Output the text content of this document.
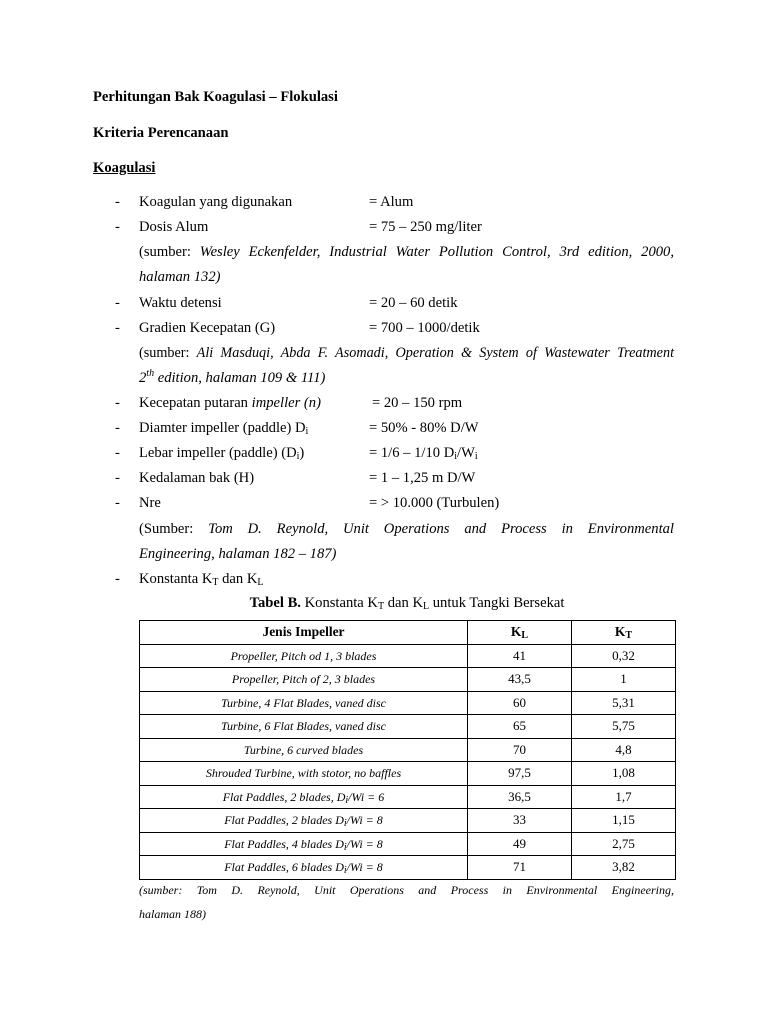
Perhitungan Bak Koagulasi – Flokulasi
Kriteria Perencanaan
Koagulasi
- Koagulan yang digunakan	= Alum
- Dosis Alum	= 75 – 250 mg/liter
(sumber: Wesley Eckenfelder, Industrial Water Pollution Control, 3rd edition, 2000,
halaman 132)
- Waktu detensi	= 20 – 60 detik
- Gradien Kecepatan (G)	= 700 – 1000/detik
(sumber: Ali Masduqi, Abda F. Asomadi, Operation & System of Wastewater Treatment
2th edition, halaman 109 & 111)
- Kecepatan putaran impeller (n)	= 20 – 150 rpm
- Diamter impeller (paddle) $D_i$	= 50% - 80% D/W
- Lebar impeller (paddle) $(D_i)$	= 1/6 – 1/10 $D_i/W_i$
- Kedalaman bak (H)	= 1 – 1,25 m D/W
- Nre	= > 10.000 (Turbulen)
(Sumber: Tom D. Reynold, Unit Operations and Process in Environmental
Engineering, halaman 182 – 187)
- Konstanta $K_T$ dan $K_L$
Tabel B. Konstanta $K_T$ dan $K_L$ untuk Tangki Bersekat
Jenis Impeller	$K_L$	$K_T$
Propeller, Pitch od 1, 3 blades	41	0,32
Propeller, Pitch of 2, 3 blades	43,5	1
Turbine, 4 Flat Blades, vaned disc	60	5,31
Turbine, 6 Flat Blades, vaned disc	65	5,75
Turbine, 6 curved blades	70	4,8
Shrouded Turbine, with stotor, no baffles	97,5	1,08
Flat Paddles, 2 blades, $D_i/Wi = 6$	36,5	1,7
Flat Paddles, 2 blades $D_i/Wi = 8$	33	1,15
Flat Paddles, 4 blades $D_i/Wi = 8$	49	2,75
Flat Paddles, 6 blades $D_i/Wi = 8$	71	3,82
(sumber: Tom D. Reynold, Unit Operations and Process in Environmental Engineering,
halaman 188)
